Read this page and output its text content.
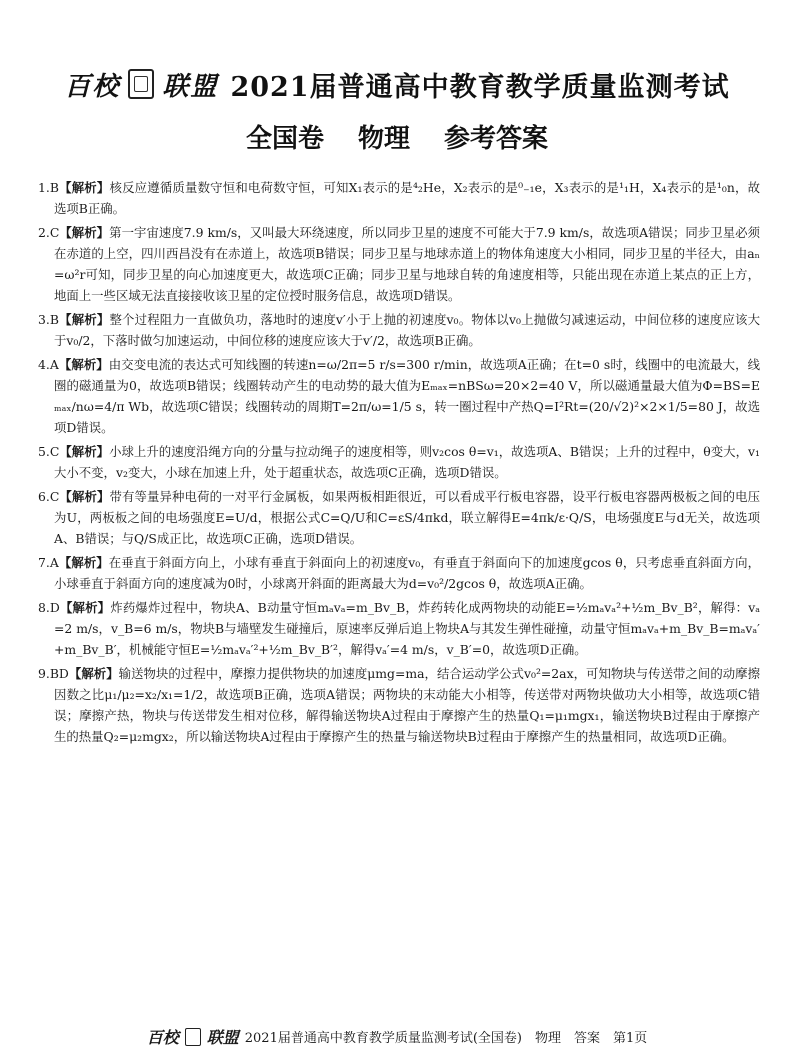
百校 联盟 2021届普通高中教育教学质量监测考试
全国卷 物理 参考答案

1.B【解析】核反应遵循质量数守恒和电荷数守恒，可知X₁表示的是⁴₂He，X₂表示的是⁰₋₁e，X₃表示的是¹₁H，X₄表示的是¹₀n，故选项B正确。

2.C【解析】第一宇宙速度7.9 km/s，又叫最大环绕速度，所以同步卫星的速度不可能大于7.9 km/s，故选项A错误；同步卫星必须在赤道的上空，四川西昌没有在赤道上，故选项B错误；同步卫星与地球赤道上的物体角速度大小相同，同步卫星的半径大，由aₙ=ω²r可知，同步卫星的向心加速度更大，故选项C正确；同步卫星与地球自转的角速度相等，只能出现在赤道上某点的正上方，地面上一些区域无法直接接收该卫星的定位授时服务信息，故选项D错误。

3.B【解析】整个过程阻力一直做负功，落地时的速度v′小于上抛的初速度v₀。物体以v₀上抛做匀减速运动，中间位移的速度应该大于v₀/2，下落时做匀加速运动，中间位移的速度应该大于v′/2，故选项B正确。

4.A【解析】由交变电流的表达式可知线圈的转速n=ω/2π=5 r/s=300 r/min，故选项A正确；在t=0 s时，线圈中的电流最大，线圈的磁通量为0，故选项B错误；线圈转动产生的电动势的最大值为Eₘₐₓ=nBSω=20×2=40 V，所以磁通量最大值为Φ=BS=Eₘₐₓ/nω=4/π Wb，故选项C错误；线圈转动的周期T=2π/ω=1/5 s，转一圈过程中产热Q=I²Rt=(20/√2)²×2×1/5=80 J，故选项D错误。

5.C【解析】小球上升的速度沿绳方向的分量与拉动绳子的速度相等，则v₂cos θ=v₁，故选项A、B错误；上升的过程中，θ变大，v₁大小不变，v₂变大，小球在加速上升，处于超重状态，故选项C正确，选项D错误。

6.C【解析】带有等量异种电荷的一对平行金属板，如果两板相距很近，可以看成平行板电容器，设平行板电容器两极板之间的电压为U，两板板之间的电场强度E=U/d，根据公式C=Q/U和C=εS/4πkd，联立解得E=4πk/ε·Q/S，电场强度E与d无关，故选项A、B错误；与Q/S成正比，故选项C正确，选项D错误。

7.A【解析】在垂直于斜面方向上，小球有垂直于斜面向上的初速度v₀，有垂直于斜面向下的加速度gcos θ，只考虑垂直斜面方向，小球垂直于斜面方向的速度减为0时，小球离开斜面的距离最大为d=v₀²/2gcos θ，故选项A正确。

8.D【解析】炸药爆炸过程中，物块A、B动量守恒mₐvₐ=m_Bv_B，炸药转化成两物块的动能E=½mₐvₐ²+½m_Bv_B²，解得：vₐ=2 m/s，v_B=6 m/s，物块B与墙壁发生碰撞后，原速率反弹后追上物块A与其发生弹性碰撞，动量守恒mₐvₐ+m_Bv_B=mₐvₐ′+m_Bv_B′，机械能守恒E=½mₐvₐ′²+½m_Bv_B′²，解得vₐ′=4 m/s，v_B′=0，故选项D正确。

9.BD【解析】输送物块的过程中，摩擦力提供物块的加速度μmg=ma，结合运动学公式v₀²=2ax，可知物块与传送带之间的动摩擦因数之比μ₁/μ₂=x₂/x₁=1/2，故选项B正确，选项A错误；两物块的末动能大小相等，传送带对两物块做功大小相等，故选项C错误；摩擦产热，物块与传送带发生相对位移，解得输送物块A过程由于摩擦产生的热量Q₁=μ₁mgx₁，输送物块B过程由于摩擦产生的热量Q₂=μ₂mgx₂，所以输送物块A过程由于摩擦产生的热量与输送物块B过程由于摩擦产生的热量相同，故选项D正确。

百校 联盟 2021届普通高中教育教学质量监测考试(全国卷)　物理　答案　第1页
